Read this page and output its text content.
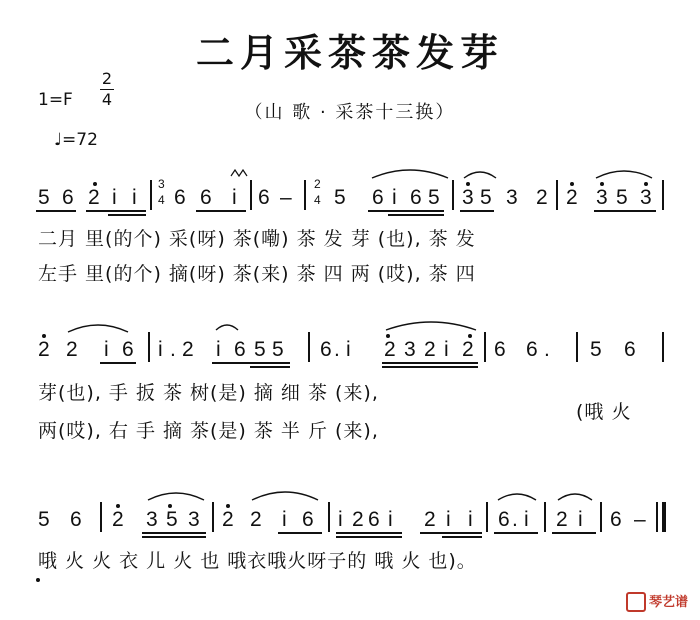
二月采茶茶发芽
（山 歌 · 采茶十三换）
1=F
2
4
♩=72
5 6 2 i i
3
4 6 6 i 6 –
2
4 5 6 i 6 5 3 5 3 2 2 3 5 3
二月 里(的个) 采(呀) 茶(嘞) 茶 发 芽 (也), 茶 发
左手 里(的个) 摘(呀) 茶(来) 茶 四 两 (哎), 茶 四
2 2 i 6 i . 2 i 6 5 5 6 . i 2 3 2 i 2 6 6 . 5 6
芽(也), 手 扳 茶 树(是) 摘 细 茶 (来),
两(哎), 右 手 摘 茶(是) 茶 半 斤 (来),
(哦 火
5 6 2 3 5 3 2 2 i 6 i 2 6 i 2 i i 6 . i 2 i 6 –
哦 火 火 衣 儿 火 也 哦衣哦火呀子的 哦 火 也)。
琴艺谱
